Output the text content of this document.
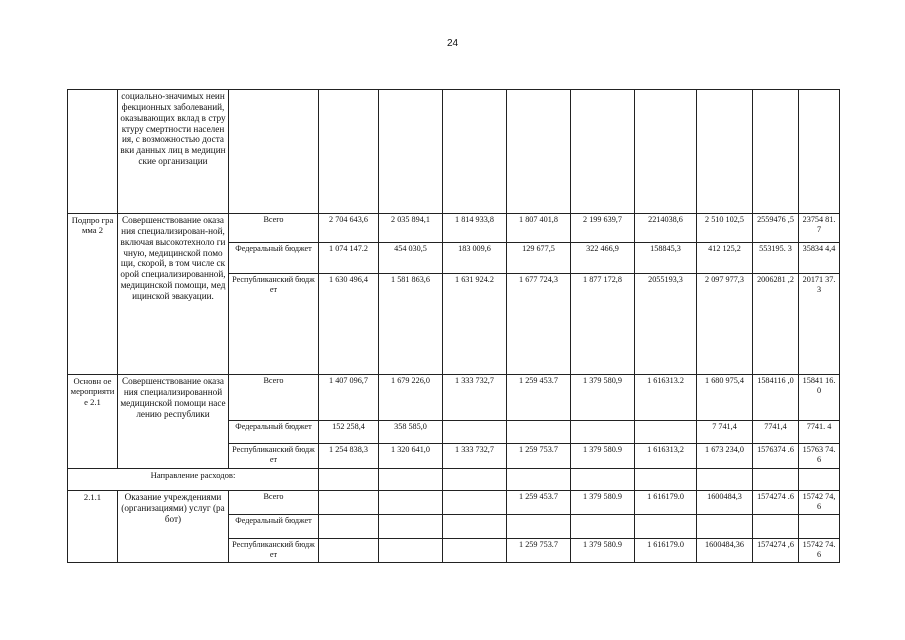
24
	социально-значимых неинфекционных заболеваний, оказывающих вклад в структуру смертности населения, с возможностью доставки данных лиц в медицинские организации										
Подпро грамма 2	Совершенствование оказания специализирован-ной, включая высокотехноло гичную, медицинской помощи, скорой, в том числе скорой специализированной, медицинской помощи, медицинской эвакуации.	Всего	2 704 643,6	2 035 894,1	1 814 933,8	1 807 401,8	2 199 639,7	2214038,6	2 510 102,5	2559476 ,5	23754 81.7
		Федеральный бюджет	1 074 147.2	454 030,5	183 009,6	129 677,5	322 466,9	158845,3	412 125,2	553195. 3	35834 4,4
		Республиканский бюджет	1 630 496,4	1 581 863,6	1 631 924.2	1 677 724,3	1 877 172,8	2055193,3	2 097 977,3	2006281 ,2	20171 37.3
Основн ое мероприятие 2.1	Совершенствование оказания специализированной медицинской помощи населению республики	Всего	1 407 096,7	1 679 226,0	1 333 732,7	1 259 453.7	1 379 580,9	1 616313.2	1 680 975,4	1584116 ,0	15841 16.0
		Федеральный бюджет	152 258,4	358 585,0					7 741,4	7741,4	7741. 4
		Республиканский бюджет	1 254 838,3	1 320 641,0	1 333 732,7	1 259 753.7	1 379 580.9	1 616313,2	1 673 234,0	1576374 .6	15763 74.6
Направление расходов:											
2.1.1	Оказание учреждениями (организациями) услуг (работ)	Всего				1 259 453.7	1 379 580.9	1 616179.0	1600484,3	1574274 .6	15742 74,6
		Федеральный бюджет									
		Республиканский бюджет				1 259 753.7	1 379 580.9	1 616179.0	1600484,36	1574274 ,6	15742 74.6
